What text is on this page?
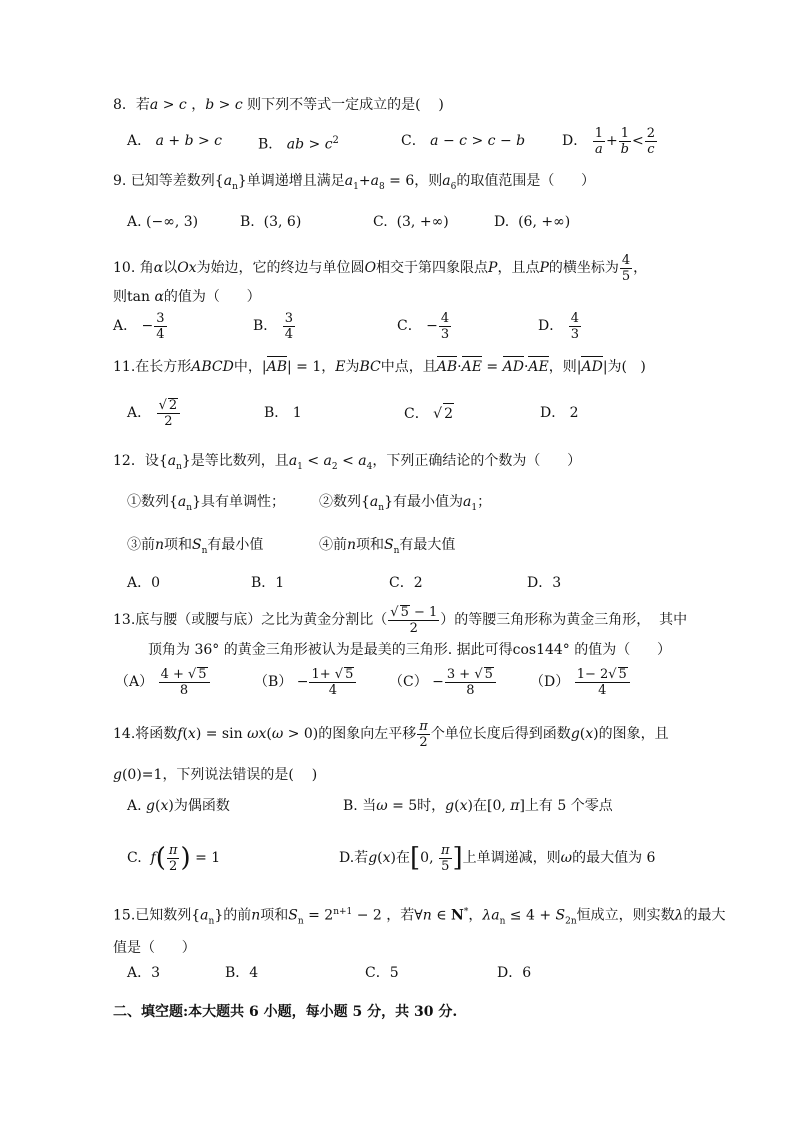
8．若a > c ，b > c 则下列不等式一定成立的是(    )
A． a + b > c	B． ab > $c^2$	C． a − c > c − b	D． $\frac{1}{a} + \frac{1}{b} < \frac{2}{c}$
9. 已知等差数列$\{a_n\}$单调递增且满足$a_1+a_8 = 6$，则$a_6$的取值范围是（      ）
A. (−∞, 3)	B.  (3, 6)	C.  (3, +∞)	D.  (6, +∞)
10. 角α以Ox为始边，它的终边与单位圆O相交于第四象限点P，且点P的横坐标为 $\frac{4}{5}$ ，
则tan α的值为（      ）
A． − $\frac{3}{4}$	B． $\frac{3}{4}$	C． − $\frac{4}{3}$	D． $\frac{4}{3}$
11.在长方形ABCD中，|AB| = 1，E为BC中点，且AB·AE = AD·AE，则|AD|为(   )
A． $\frac{√ 2}{2}$	B． 1	C． √ 2	D． 2
12．设$\{a_n\}$是等比数列，且$a_1 < a_2 < a_4$，下列正确结论的个数为（      ）
①数列$\{a_n\}$具有单调性； ②数列$\{a_n\}$有最小值为$a_1$；
③前n项和$S_n$有最小值	④前n项和$S_n$有最大值
A．0	B．1	C．2	D．3
13.底与腰（或腰与底）之比为黄金分割比（ $\frac{√ 5 - 1}{2}$ ）的等腰三角形称为黄金三角形，  其中
顶角为 36° 的黄金三角形被认为是最美的三角形. 据此可得cos144° 的值为（      ）
$(A) \frac{4 + √ 5}{8}$	$(B) - \frac{1+ √ 5}{4} (C) - \frac{3 + √ 5}{8} (D) \frac{1- 2√ 5}{4}$
14.将函数f(x) = sin ωx(ω > 0)的图象向左平移 $\frac{\pi}{2}$ 个单位长度后得到函数g(x)的图象，且
g(0)=1，下列说法错误的是(    )
A. g(x)为偶函数	B. 当ω = 5时，g(x)在[0, π]上有 5 个零点
C.  $f( \frac{\pi}{2}$ ) = 1	D.若g(x)在[0, $\frac{\pi}{5}$ ]上单调递减，则ω的最大值为 6
15.已知数列$\{a_n\}$的前n项和$S_n = 2^{n+1} - 2$ ，若∀n ∈ N*，$\lambda a_n \le 4 + S_{2n}$恒成立，则实数λ的最大
值是（      ）
A．3	B．4	C．5	D．6
二、填空题:本大题共 6 小题，每小题 5 分，共 30 分.
